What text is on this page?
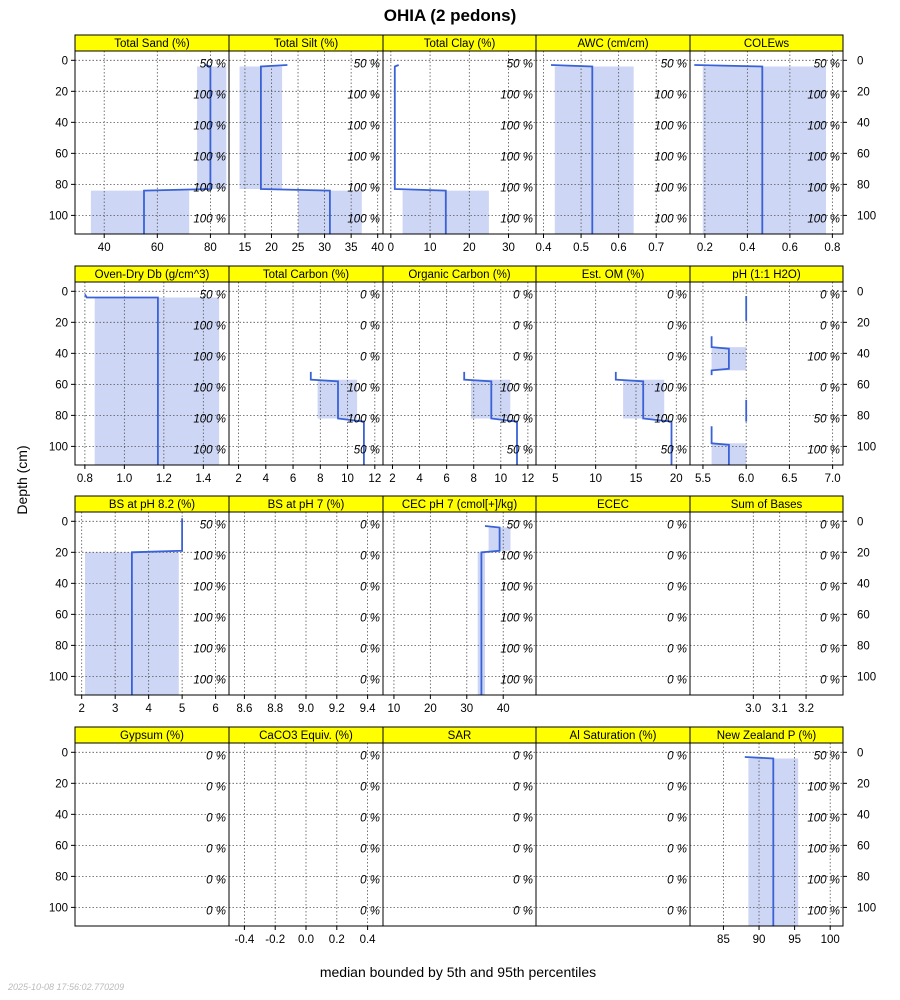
OHIA (2 pedons)
Depth (cm)
median bounded by 5th and 95th percentiles
2025-10-08 17:56:02.770209
Total Sand (%)
50 %
100 %
100 %
100 %
100 %
100 %
40	60	80
0
20
40
60
80
100
Total Silt (%)
50 %
100 %
100 %
100 %
100 %
100 %
15 20 25 30 35 40
Total Clay (%)
50 %
100 %
100 %
100 %
100 %
100 %
0	10 20 30
AWC (cm/cm)
50 %
100 %
100 %
100 %
100 %
100 %
0.4 0.5 0.6 0.7
COLEws
50 %
100 %
100 %
100 %
100 %
100 %
0.2 0.4 0.6 0.8
0
20
40
60
80
100
Oven-Dry Db (g/cm^3)
50 %
100 %
100 %
100 %
100 %
100 %
0.8 1.0 1.2 1.4
0
20
40
60
80
100
Total Carbon (%)
0 %
0 %
0 %
100 %
100 %
50 %
2 4 6 8 10 12
Organic Carbon (%)
0 %
0 %
0 %
100 %
100 %
50 %
2 4 6 8 10 12
Est. OM (%)
0 %
0 %
0 %
100 %
100 %
50 %
5	10 15 20
pH (1:1 H2O)
0 %
0 %
100 %
0 %
50 %
100 %
5.5 6.0 6.5 7.0
0
20
40
60
80
100
BS at pH 8.2 (%)
50 %
100 %
100 %
100 %
100 %
100 %
2 3 4 5 6
0
20
40
60
80
100
BS at pH 7 (%)
0 %
0 %
0 %
0 %
0 %
0 %
8.6 8.8 9.0 9.2 9.4
CEC pH 7 (cmol[+]/kg)
50 %
100 %
100 %
100 %
100 %
100 %
10 20 30 40
ECEC
0 %
0 %
0 %
0 %
0 %
0 %
Sum of Bases
0 %
0 %
0 %
0 %
0 %
0 %
3.0 3.1 3.2
0
20
40
60
80
100
Gypsum (%)
0 %
0 %
0 %
0 %
0 %
0 %
0
20
40
60
80
100
CaCO3 Equiv. (%)
0 %
0 %
0 %
0 %
0 %
0 %
-0.4 -0.2 0.0 0.2 0.4
SAR
0 %
0 %
0 %
0 %
0 %
0 %
Al Saturation (%)
0 %
0 %
0 %
0 %
0 %
0 %
New Zealand P (%)
50 %
100 %
100 %
100 %
100 %
100 %
85 90 95 100
0
20
40
60
80
100
